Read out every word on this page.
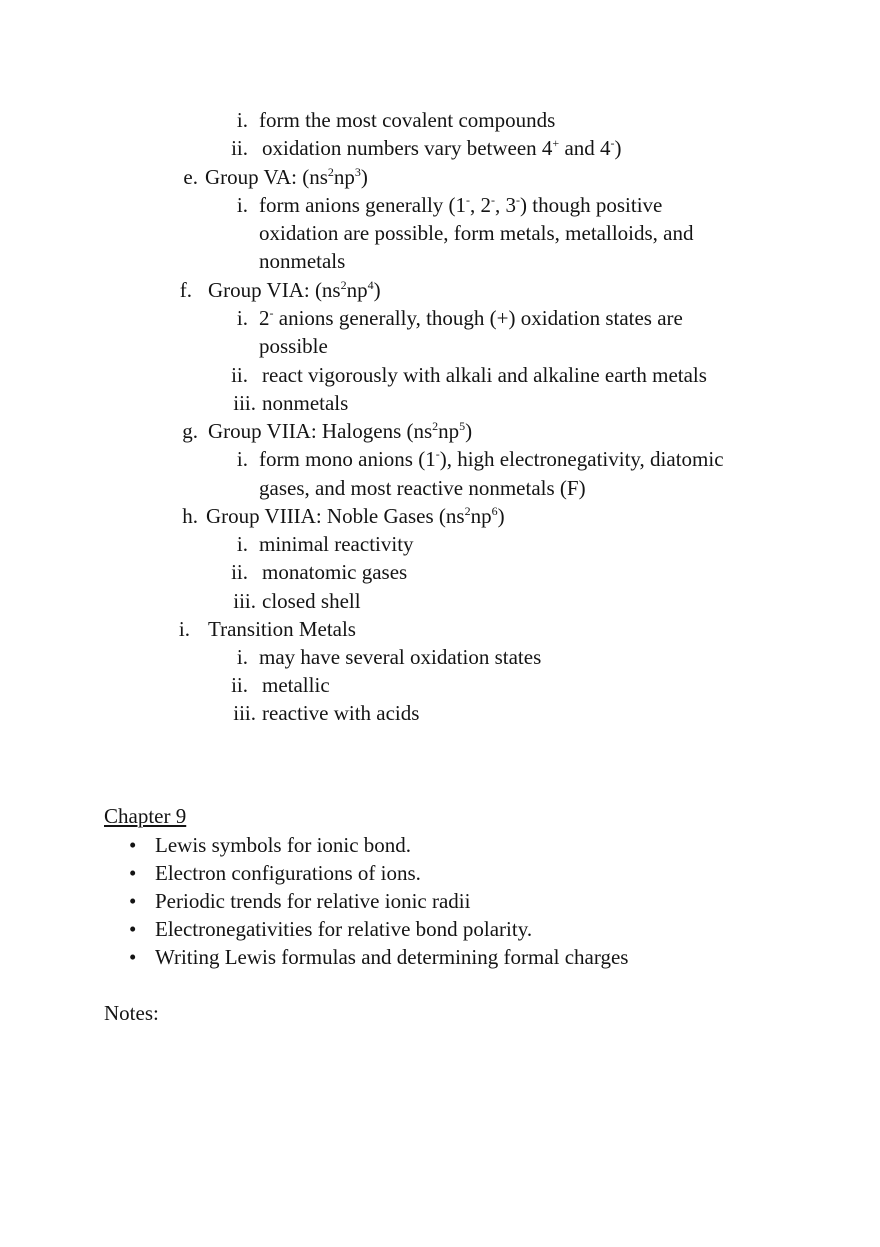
i. form the most covalent compounds
ii. oxidation numbers vary between 4+ and 4-)
e. Group VA: $(ns^2np^3)$
i. form anions generally (1-, 2-, 3-) though positive
oxidation are possible, form metals, metalloids, and
nonmetals
f. Group VIA: $(ns^2np^4)$
i. 2- anions generally, though (+) oxidation states are
possible
ii. react vigorously with alkali and alkaline earth metals
iii. nonmetals
g. Group VIIA: Halogens $(ns^2np^5)$
i. form mono anions (1-), high electronegativity, diatomic
gases, and most reactive nonmetals (F)
h. Group VIIIA: Noble Gases $(ns^2np^6)$
i. minimal reactivity
ii. monatomic gases
iii. closed shell
i. Transition Metals
i. may have several oxidation states
ii. metallic
iii. reactive with acids
Chapter 9
• Lewis symbols for ionic bond.
• Electron configurations of ions.
• Periodic trends for relative ionic radii
• Electronegativities for relative bond polarity.
• Writing Lewis formulas and determining formal charges
Notes:
